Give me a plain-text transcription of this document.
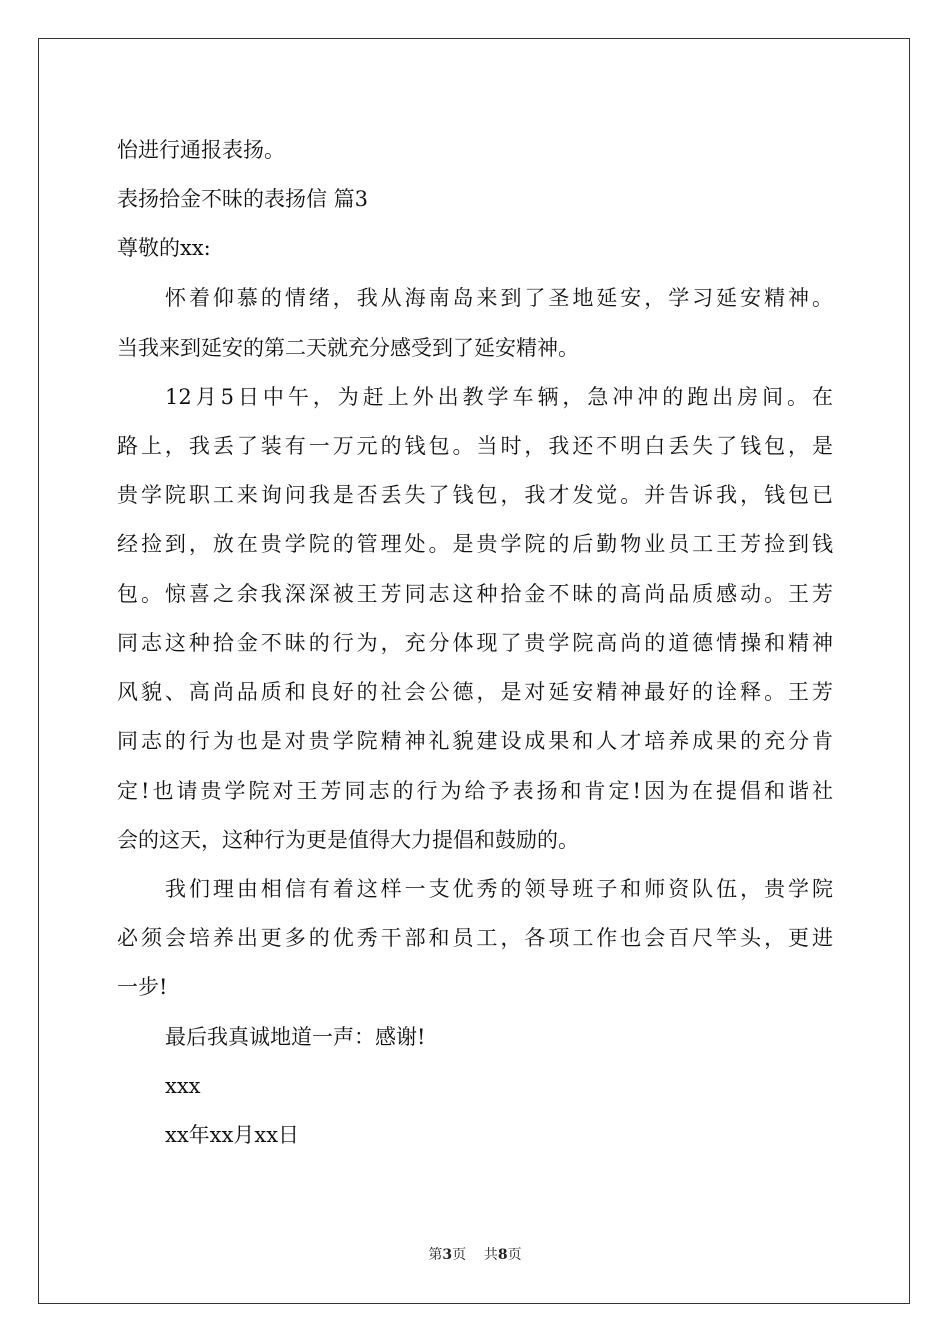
怡进行通报表扬。
表扬拾金不昧的表扬信 篇3
尊敬的xx:
怀着仰慕的情绪，我从海南岛来到了圣地延安，学习延安精神。
当我来到延安的第二天就充分感受到了延安精神。
12月5日中午，为赶上外出教学车辆，急冲冲的跑出房间。在
路上，我丢了装有一万元的钱包。当时，我还不明白丢失了钱包，是
贵学院职工来询问我是否丢失了钱包，我才发觉。并告诉我，钱包已
经捡到，放在贵学院的管理处。是贵学院的后勤物业员工王芳捡到钱
包。惊喜之余我深深被王芳同志这种拾金不昧的高尚品质感动。王芳
同志这种拾金不昧的行为，充分体现了贵学院高尚的道德情操和精神
风貌、高尚品质和良好的社会公德，是对延安精神最好的诠释。王芳
同志的行为也是对贵学院精神礼貌建设成果和人才培养成果的充分肯
定!也请贵学院对王芳同志的行为给予表扬和肯定!因为在提倡和谐社
会的这天，这种行为更是值得大力提倡和鼓励的。
我们理由相信有着这样一支优秀的领导班子和师资队伍，贵学院
必须会培养出更多的优秀干部和员工，各项工作也会百尺竿头，更进
一步!
最后我真诚地道一声：感谢!
xxx
xx年xx月xx日
第3页 共8页
